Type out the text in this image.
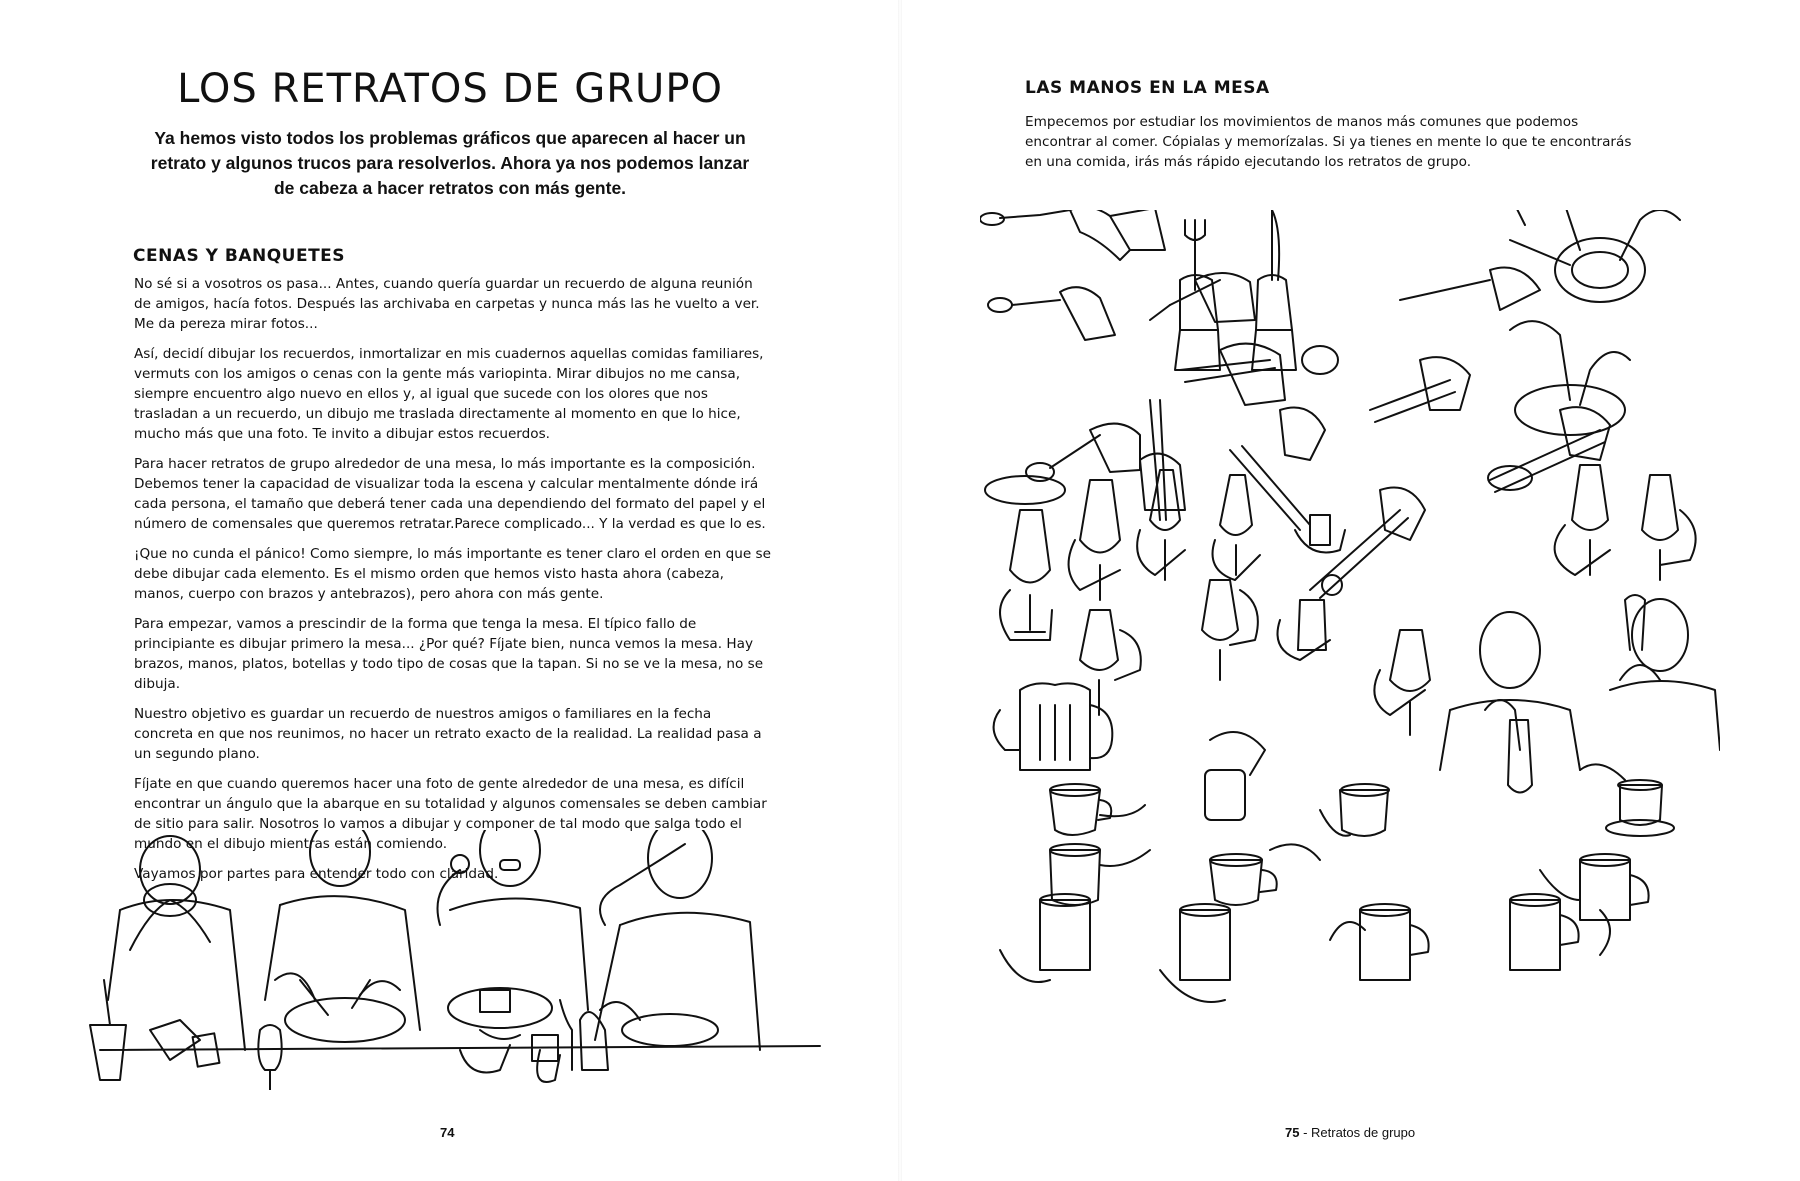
LOS RETRATOS DE GRUPO

Ya hemos visto todos los problemas gráficos que aparecen al hacer un retrato y algunos trucos para resolverlos. Ahora ya nos podemos lanzar de cabeza a hacer retratos con más gente.

CENAS Y BANQUETES

No sé si a vosotros os pasa... Antes, cuando quería guardar un recuerdo de alguna reunión de amigos, hacía fotos. Después las archivaba en carpetas y nunca más las he vuelto a ver. Me da pereza mirar fotos...

Así, decidí dibujar los recuerdos, inmortalizar en mis cuadernos aquellas comidas familiares, vermuts con los amigos o cenas con la gente más variopinta. Mirar dibujos no me cansa, siempre encuentro algo nuevo en ellos y, al igual que sucede con los olores que nos trasladan a un recuerdo, un dibujo me traslada directamente al momento en que lo hice, mucho más que una foto. Te invito a dibujar estos recuerdos.

Para hacer retratos de grupo alrededor de una mesa, lo más importante es la composición. Debemos tener la capacidad de visualizar toda la escena y calcular mentalmente dónde irá cada persona, el tamaño que deberá tener cada una dependiendo del formato del papel y el número de comensales que queremos retratar.Parece complicado... Y la verdad es que lo es.

¡Que no cunda el pánico! Como siempre, lo más importante es tener claro el orden en que se debe dibujar cada elemento. Es el mismo orden que hemos visto hasta ahora (cabeza, manos, cuerpo con brazos y antebrazos), pero ahora con más gente.

Para empezar, vamos a prescindir de la forma que tenga la mesa. El típico fallo de principiante es dibujar primero la mesa... ¿Por qué? Fíjate bien, nunca vemos la mesa. Hay brazos, manos, platos, botellas y todo tipo de cosas que la tapan. Si no se ve la mesa, no se dibuja.

Nuestro objetivo es guardar un recuerdo de nuestros amigos o familiares en la fecha concreta en que nos reunimos, no hacer un retrato exacto de la realidad. La realidad pasa a un segundo plano.

Fíjate en que cuando queremos hacer una foto de gente alrededor de una mesa, es difícil encontrar un ángulo que la abarque en su totalidad y algunos comensales se deben cambiar de sitio para salir. Nosotros lo vamos a dibujar y componer de tal modo que salga todo el mundo en el dibujo mientras están comiendo.

Vayamos por partes para entender todo con claridad.

74
LAS MANOS EN LA MESA

Empecemos por estudiar los movimientos de manos más comunes que podemos encontrar al comer. Cópialas y memorízalas. Si ya tienes en mente lo que te encontrarás en una comida, irás más rápido ejecutando los retratos de grupo.

75 - Retratos de grupo
